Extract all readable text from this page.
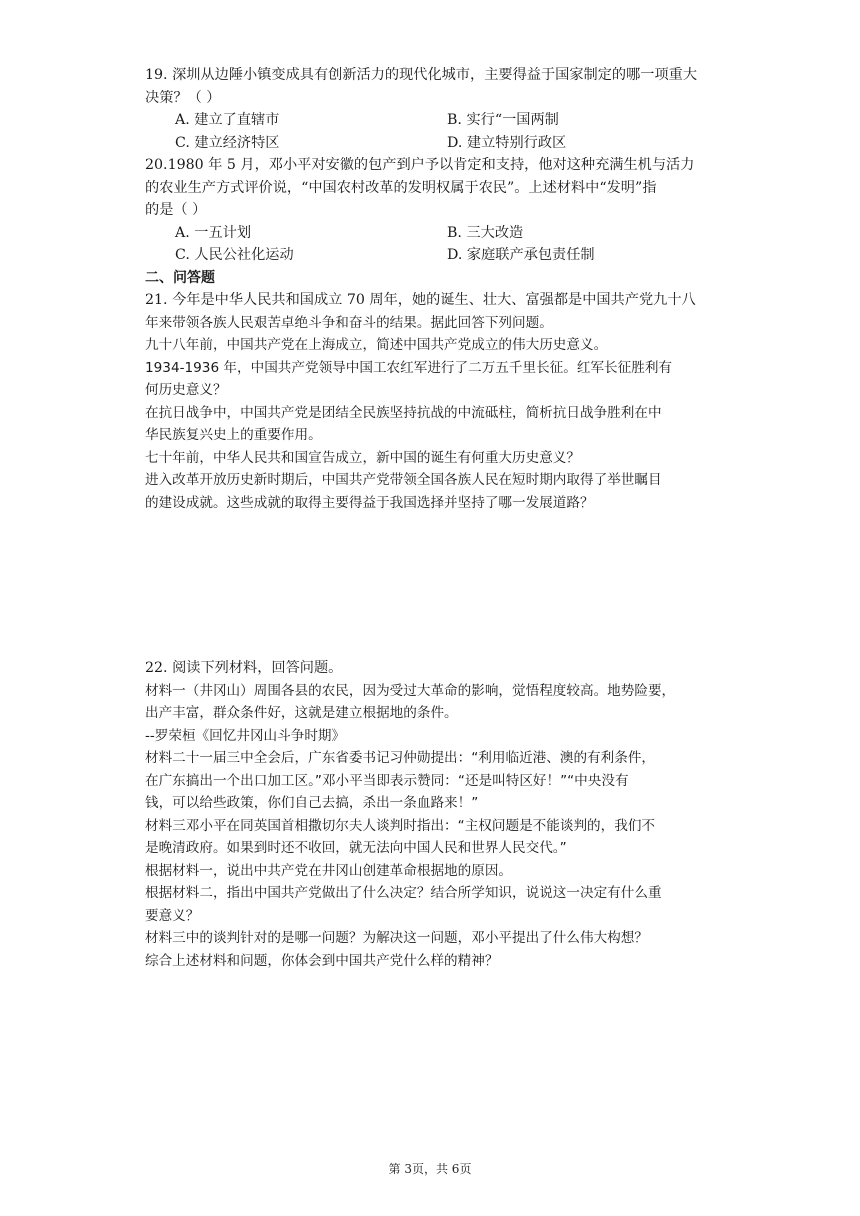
19. 深圳从边陲小镇变成具有创新活力的现代化城市，主要得益于国家制定的哪一项重大

决策？（ ）

A. 建立了直辖市	B. 实行“一国两制
C. 建立经济特区	D. 建立特别行政区

20.1980 年 5 月，邓小平对安徽的包产到户予以肯定和支持，他对这种充满生机与活力

的农业生产方式评价说，“中国农村改革的发明权属于农民”。上述材料中“发明”指

的是（ ）

A. 一五计划	B. 三大改造
C. 人民公社化运动	D. 家庭联产承包责任制

二、问答题

21. 今年是中华人民共和国成立 70 周年，她的诞生、壮大、富强都是中国共产党九十八

年来带领各族人民艰苦卓绝斗争和奋斗的结果。据此回答下列问题。

九十八年前，中国共产党在上海成立，简述中国共产党成立的伟大历史意义。

1934-1936 年，中国共产党领导中国工农红军进行了二万五千里长征。红军长征胜利有

何历史意义？

在抗日战争中，中国共产党是团结全民族坚持抗战的中流砥柱，简析抗日战争胜利在中

华民族复兴史上的重要作用。

七十年前，中华人民共和国宣告成立，新中国的诞生有何重大历史意义？

进入改革开放历史新时期后，中国共产党带领全国各族人民在短时期内取得了举世瞩目

的建设成就。这些成就的取得主要得益于我国选择并坚持了哪一发展道路？

22. 阅读下列材料，回答问题。

材料一（井冈山）周围各县的农民，因为受过大革命的影响，觉悟程度较高。地势险要，

出产丰富，群众条件好，这就是建立根据地的条件。

--罗荣桓《回忆井冈山斗争时期》

材料二十一届三中全会后，广东省委书记习仲勋提出：“利用临近港、澳的有利条件，

在广东搞出一个出口加工区。”邓小平当即表示赞同：“还是叫特区好！”“中央没有

钱，可以给些政策，你们自己去搞，杀出一条血路来！”

材料三邓小平在同英国首相撒切尔夫人谈判时指出：“主权问题是不能谈判的，我们不

是晚清政府。如果到时还不收回，就无法向中国人民和世界人民交代。”

根据材料一，说出中共产党在井冈山创建革命根据地的原因。

根据材料二，指出中国共产党做出了什么决定？结合所学知识，说说这一决定有什么重

要意义？

材料三中的谈判针对的是哪一问题？为解决这一问题，邓小平提出了什么伟大构想？

综合上述材料和问题，你体会到中国共产党什么样的精神？

第 3页，共 6页
